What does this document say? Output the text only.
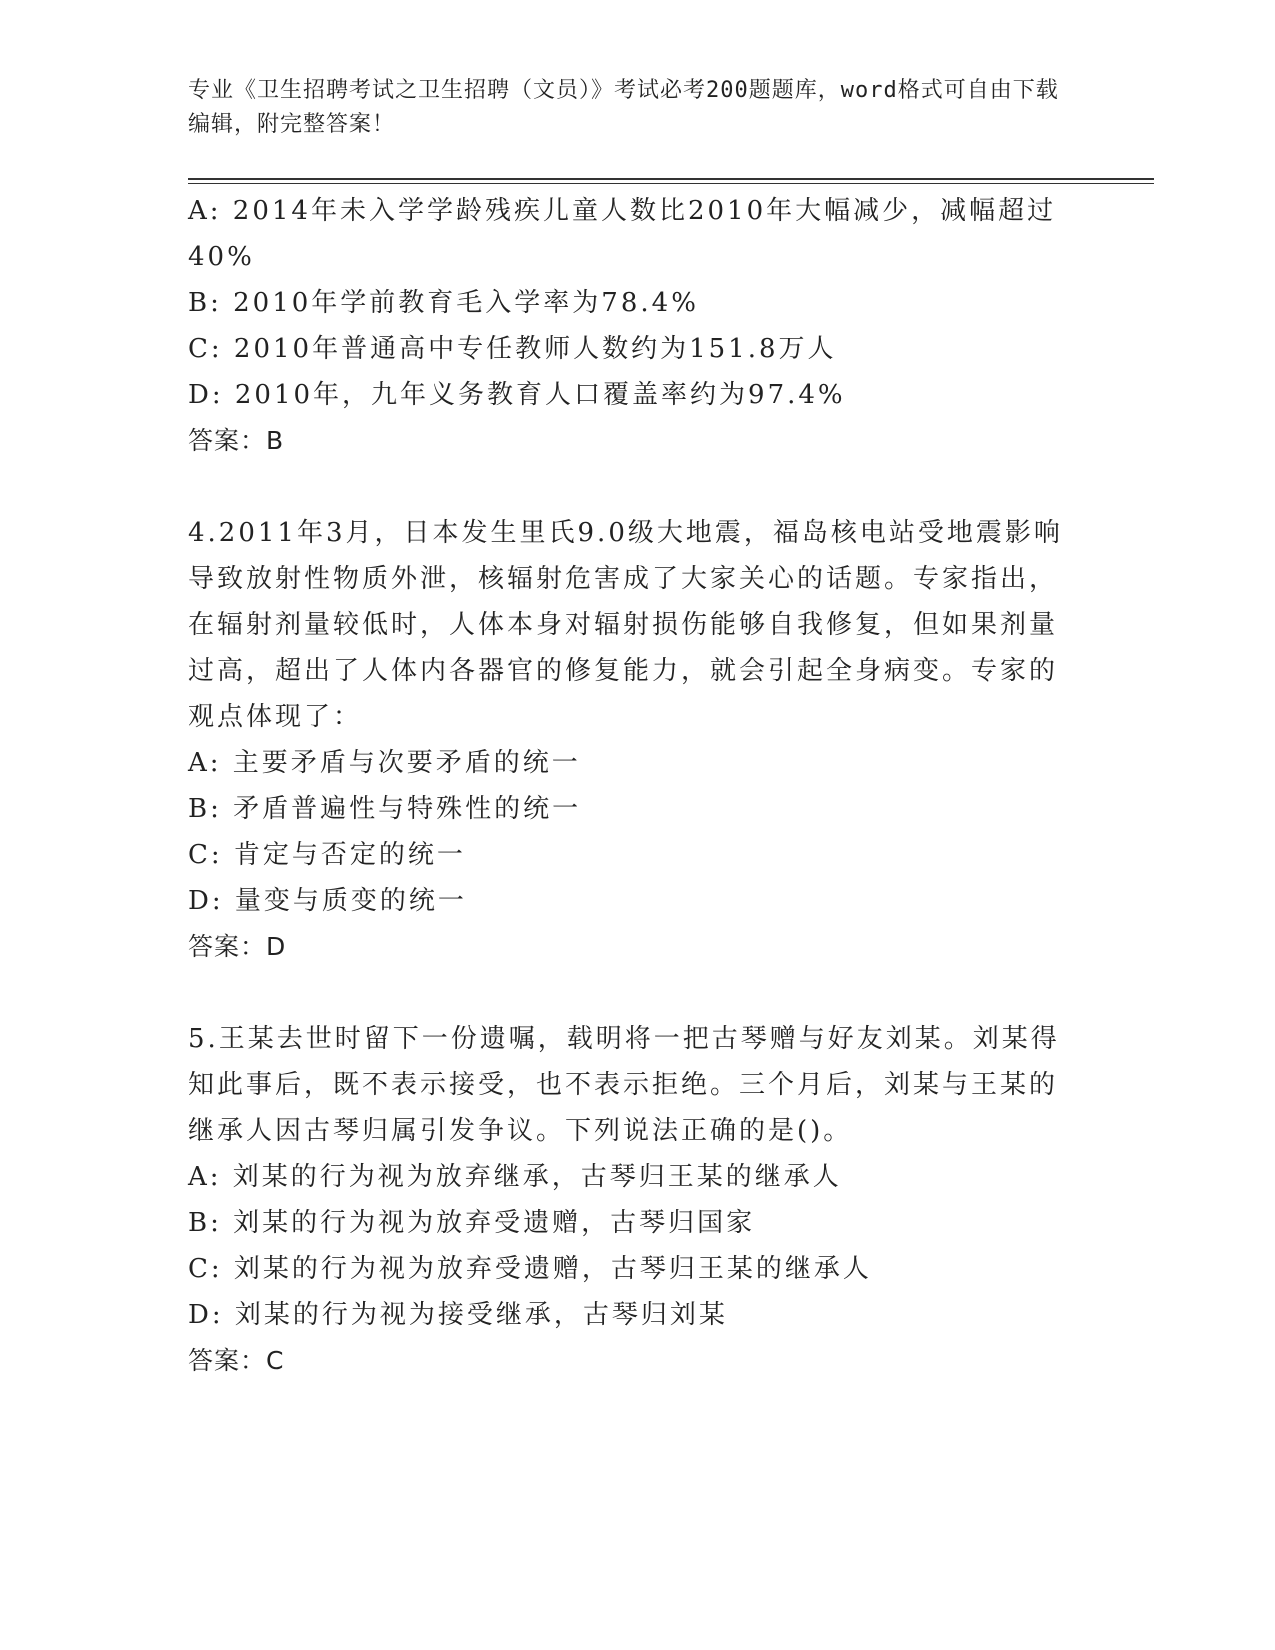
专业《卫生招聘考试之卫生招聘（文员）》考试必考200题题库，word格式可自由下载编辑，附完整答案！

A: 2014年未入学学龄残疾儿童人数比2010年大幅减少，减幅超过40%

B: 2010年学前教育毛入学率为78.4%

C: 2010年普通高中专任教师人数约为151.8万人

D: 2010年，九年义务教育人口覆盖率约为97.4%

答案：B

4.2011年3月，日本发生里氏9.0级大地震，福岛核电站受地震影响导致放射性物质外泄，核辐射危害成了大家关心的话题。专家指出，在辐射剂量较低时，人体本身对辐射损伤能够自我修复，但如果剂量过高，超出了人体内各器官的修复能力，就会引起全身病变。专家的观点体现了：

A: 主要矛盾与次要矛盾的统一

B: 矛盾普遍性与特殊性的统一

C: 肯定与否定的统一

D: 量变与质变的统一

答案：D

5.王某去世时留下一份遗嘱，载明将一把古琴赠与好友刘某。刘某得知此事后，既不表示接受，也不表示拒绝。三个月后，刘某与王某的继承人因古琴归属引发争议。下列说法正确的是()。

A: 刘某的行为视为放弃继承，古琴归王某的继承人

B: 刘某的行为视为放弃受遗赠，古琴归国家

C: 刘某的行为视为放弃受遗赠，古琴归王某的继承人

D: 刘某的行为视为接受继承，古琴归刘某

答案：C
